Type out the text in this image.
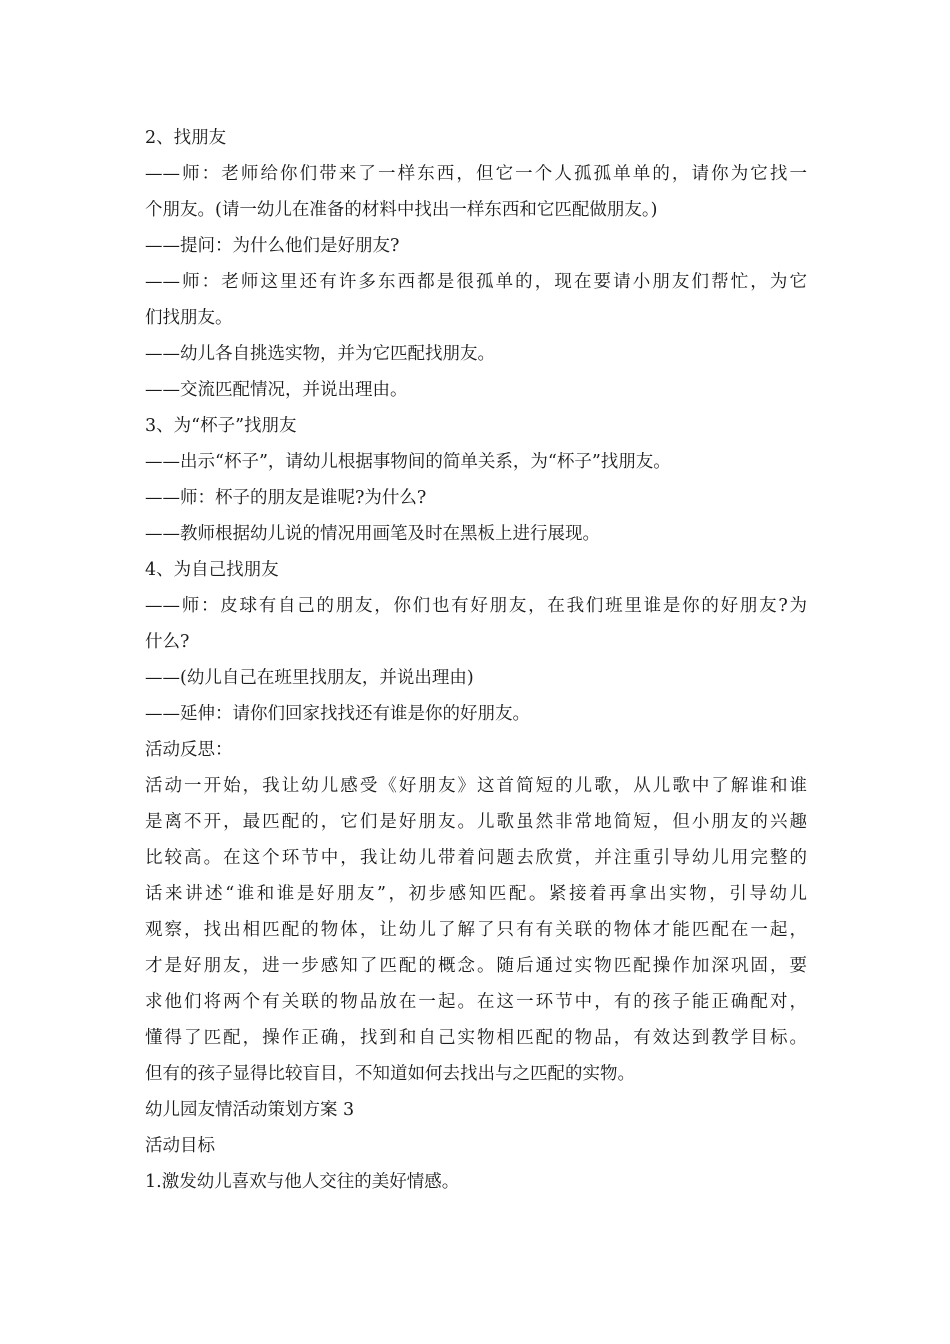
2、找朋友
——师：老师给你们带来了一样东西，但它一个人孤孤单单的，请你为它找一
个朋友。(请一幼儿在准备的材料中找出一样东西和它匹配做朋友。)
——提问：为什么他们是好朋友?
——师：老师这里还有许多东西都是很孤单的，现在要请小朋友们帮忙，为它
们找朋友。
——幼儿各自挑选实物，并为它匹配找朋友。
——交流匹配情况，并说出理由。
3、为“杯子”找朋友
——出示“杯子”，请幼儿根据事物间的简单关系，为“杯子”找朋友。
——师：杯子的朋友是谁呢?为什么?
——教师根据幼儿说的情况用画笔及时在黑板上进行展现。
4、为自己找朋友
——师：皮球有自己的朋友，你们也有好朋友，在我们班里谁是你的好朋友?为
什么?
——(幼儿自己在班里找朋友，并说出理由)
——延伸：请你们回家找找还有谁是你的好朋友。
活动反思：
活动一开始，我让幼儿感受《好朋友》这首简短的儿歌，从儿歌中了解谁和谁
是离不开，最匹配的，它们是好朋友。儿歌虽然非常地简短，但小朋友的兴趣
比较高。在这个环节中，我让幼儿带着问题去欣赏，并注重引导幼儿用完整的
话来讲述“谁和谁是好朋友”，初步感知匹配。紧接着再拿出实物，引导幼儿
观察，找出相匹配的物体，让幼儿了解了只有有关联的物体才能匹配在一起，
才是好朋友，进一步感知了匹配的概念。随后通过实物匹配操作加深巩固，要
求他们将两个有关联的物品放在一起。在这一环节中，有的孩子能正确配对，
懂得了匹配，操作正确，找到和自己实物相匹配的物品，有效达到教学目标。
但有的孩子显得比较盲目，不知道如何去找出与之匹配的实物。
幼儿园友情活动策划方案 3
活动目标
1.激发幼儿喜欢与他人交往的美好情感。
